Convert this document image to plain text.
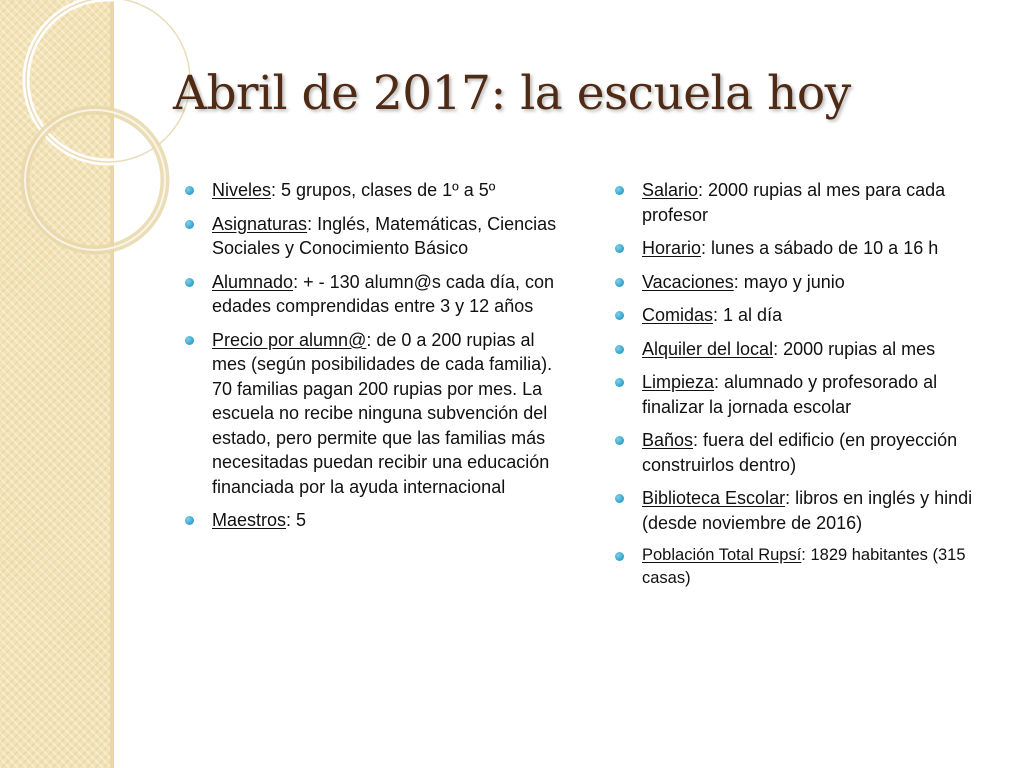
Abril de 2017: la escuela hoy
Niveles: 5 grupos, clases de 1º a 5º
Asignaturas: Inglés, Matemáticas, Ciencias Sociales y Conocimiento Básico
Alumnado: + - 130 alumn@s cada día, con edades comprendidas entre 3 y 12 años
Precio por alumn@: de 0 a 200 rupias al mes (según posibilidades de cada familia). 70 familias pagan 200 rupias por mes. La escuela no recibe ninguna subvención del estado, pero permite que las familias más necesitadas puedan recibir una educación financiada por la ayuda internacional
Maestros: 5
Salario: 2000 rupias al mes para cada profesor
Horario: lunes a sábado de 10 a 16 h
Vacaciones: mayo y junio
Comidas: 1 al día
Alquiler del local: 2000 rupias al mes
Limpieza: alumnado y profesorado al finalizar la jornada escolar
Baños: fuera del edificio (en proyección construirlos dentro)
Biblioteca Escolar: libros en inglés y hindi (desde noviembre de 2016)
Población Total Rupsí: 1829 habitantes (315 casas)
